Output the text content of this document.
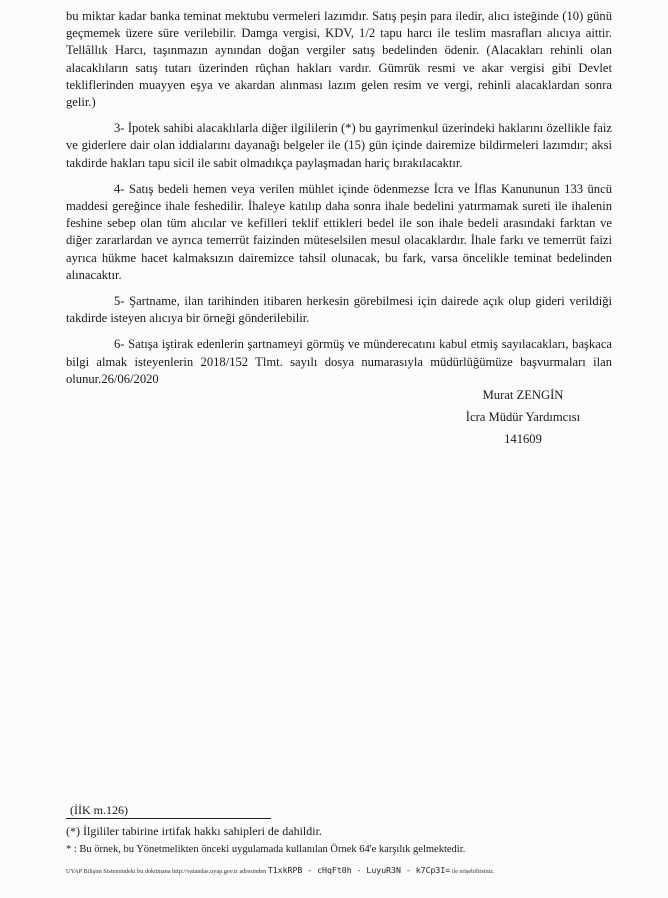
bu miktar kadar banka teminat mektubu vermeleri lazımdır. Satış peşin para iledir, alıcı isteğinde (10) günü geçmemek üzere süre verilebilir. Damga vergisi, KDV, 1/2 tapu harcı ile teslim masrafları alıcıya aittir. Tellâllık Harcı, taşınmazın aynından doğan vergiler satış bedelinden ödenir. (Alacakları rehinli olan alacaklıların satış tutarı üzerinden rüçhan hakları vardır. Gümrük resmi ve akar vergisi gibi Devlet tekliflerinden muayyen eşya ve akardan alınması lazım gelen resim ve vergi, rehinli alacaklardan sonra gelir.)

3- İpotek sahibi alacaklılarla diğer ilgililerin (*) bu gayrimenkul üzerindeki haklarını özellikle faiz ve giderlere dair olan iddialarını dayanağı belgeler ile (15) gün içinde dairemize bildirmeleri lazımdır; aksi takdirde hakları tapu sicil ile sabit olmadıkça paylaşmadan hariç bırakılacaktır.

4- Satış bedeli hemen veya verilen mühlet içinde ödenmezse İcra ve İflas Kanununun 133 üncü maddesi gereğince ihale feshedilir. İhaleye katılıp daha sonra ihale bedelini yatırmamak sureti ile ihalenin feshine sebep olan tüm alıcılar ve kefilleri teklif ettikleri bedel ile son ihale bedeli arasındaki farktan ve diğer zararlardan ve ayrıca temerrüt faizinden müteselsilen mesul olacaklardır. İhale farkı ve temerrüt faizi ayrıca hükme hacet kalmaksızın dairemizce tahsil olunacak, bu fark, varsa öncelikle teminat bedelinden alınacaktır.

5- Şartname, ilan tarihinden itibaren herkesin görebilmesi için dairede açık olup gideri verildiği takdirde isteyen alıcıya bir örneği gönderilebilir.

6- Satışa iştirak edenlerin şartnameyi görmüş ve münderecatını kabul etmiş sayılacakları, başkaca bilgi almak isteyenlerin 2018/152 Tlmt. sayılı dosya numarasıyla müdürlüğümüze başvurmaları ilan olunur.26/06/2020

Murat ZENGİN
İcra Müdür Yardımcısı
141609
(İİK m.126)
(*) İlgililer tabirine irtifak hakkı sahipleri de dahildir.
* : Bu örnek, bu Yönetmelikten önceki uygulamada kullanılan Örnek 64'e karşılık gelmektedir.
UYAP Bilişim Sistemindeki bu dokümana http://vatandas.uyap.gov.tr adresinden T1xkRPB - cHqFt0h - LuyuR3N - k7Cp3I= ile erişebilirsiniz.
